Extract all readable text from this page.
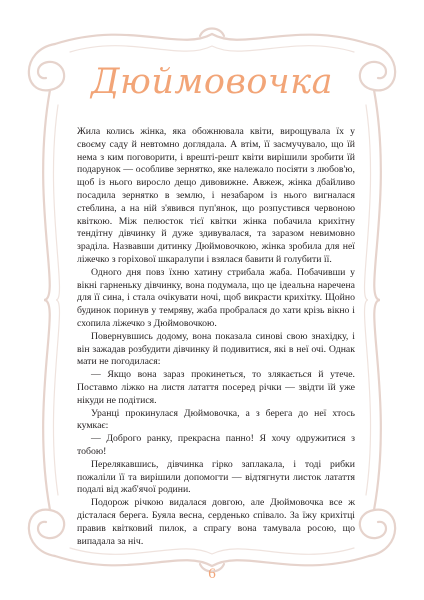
Дюймовочка

Жила колись жінка, яка обожнювала квіти, вирощувала їх у своєму саду й невтомно доглядала. А втім, її засмучувало, що їй нема з ким поговорити, і врешті-решт квіти вирішили зробити їй подарунок — особливе зернятко, яке належало посіяти з любов'ю, щоб із нього виросло дещо дивовижне. Авжеж, жінка дбайливо посадила зернятко в землю, і незабаром із нього вигналася стеблина, а на ній з'явився пуп'янок, що розпустився червоною квіткою. Між пелюсток тієї квітки жінка побачила крихітну тендітну дівчинку й дуже здивувалася, та заразом невимовно зраділа. Назвавши дитинку Дюймовочкою, жінка зробила для неї ліжечко з горіхової шкаралупи і взялася бавити й голубити її.

Одного дня повз їхню хатину стрибала жаба. Побачивши у вікні гарненьку дівчинку, вона подумала, що це ідеальна наречена для її сина, і стала очікувати ночі, щоб викрасти крихітку. Щойно будинок поринув у темряву, жаба пробралася до хати крізь вікно і схопила ліжечко з Дюймовочкою.

Повернувшись додому, вона показала синові свою знахідку, і він зажадав розбудити дівчинку й подивитися, які в неї очі. Однак мати не погодилася:

— Якщо вона зараз прокинеться, то злякається й утече. Поставмо ліжко на листя латаття посеред річки — звідти їй уже нікуди не подітися.

Уранці прокинулася Дюймовочка, а з берега до неї хтось кумкає:

— Доброго ранку, прекрасна панно! Я хочу одружитися з тобою!

Перелякавшись, дівчинка гірко заплакала, і тоді рибки пожаліли її та вирішили допомогти — відтягнути листок латаття подалі від жаб'ячої родини.

Подорож річкою видалася довгою, але Дюймовочка все ж дісталася берега. Буяла весна, серденько співало. За їжу крихітці правив квітковий пилок, а спрагу вона тамувала росою, що випадала за ніч.

6
